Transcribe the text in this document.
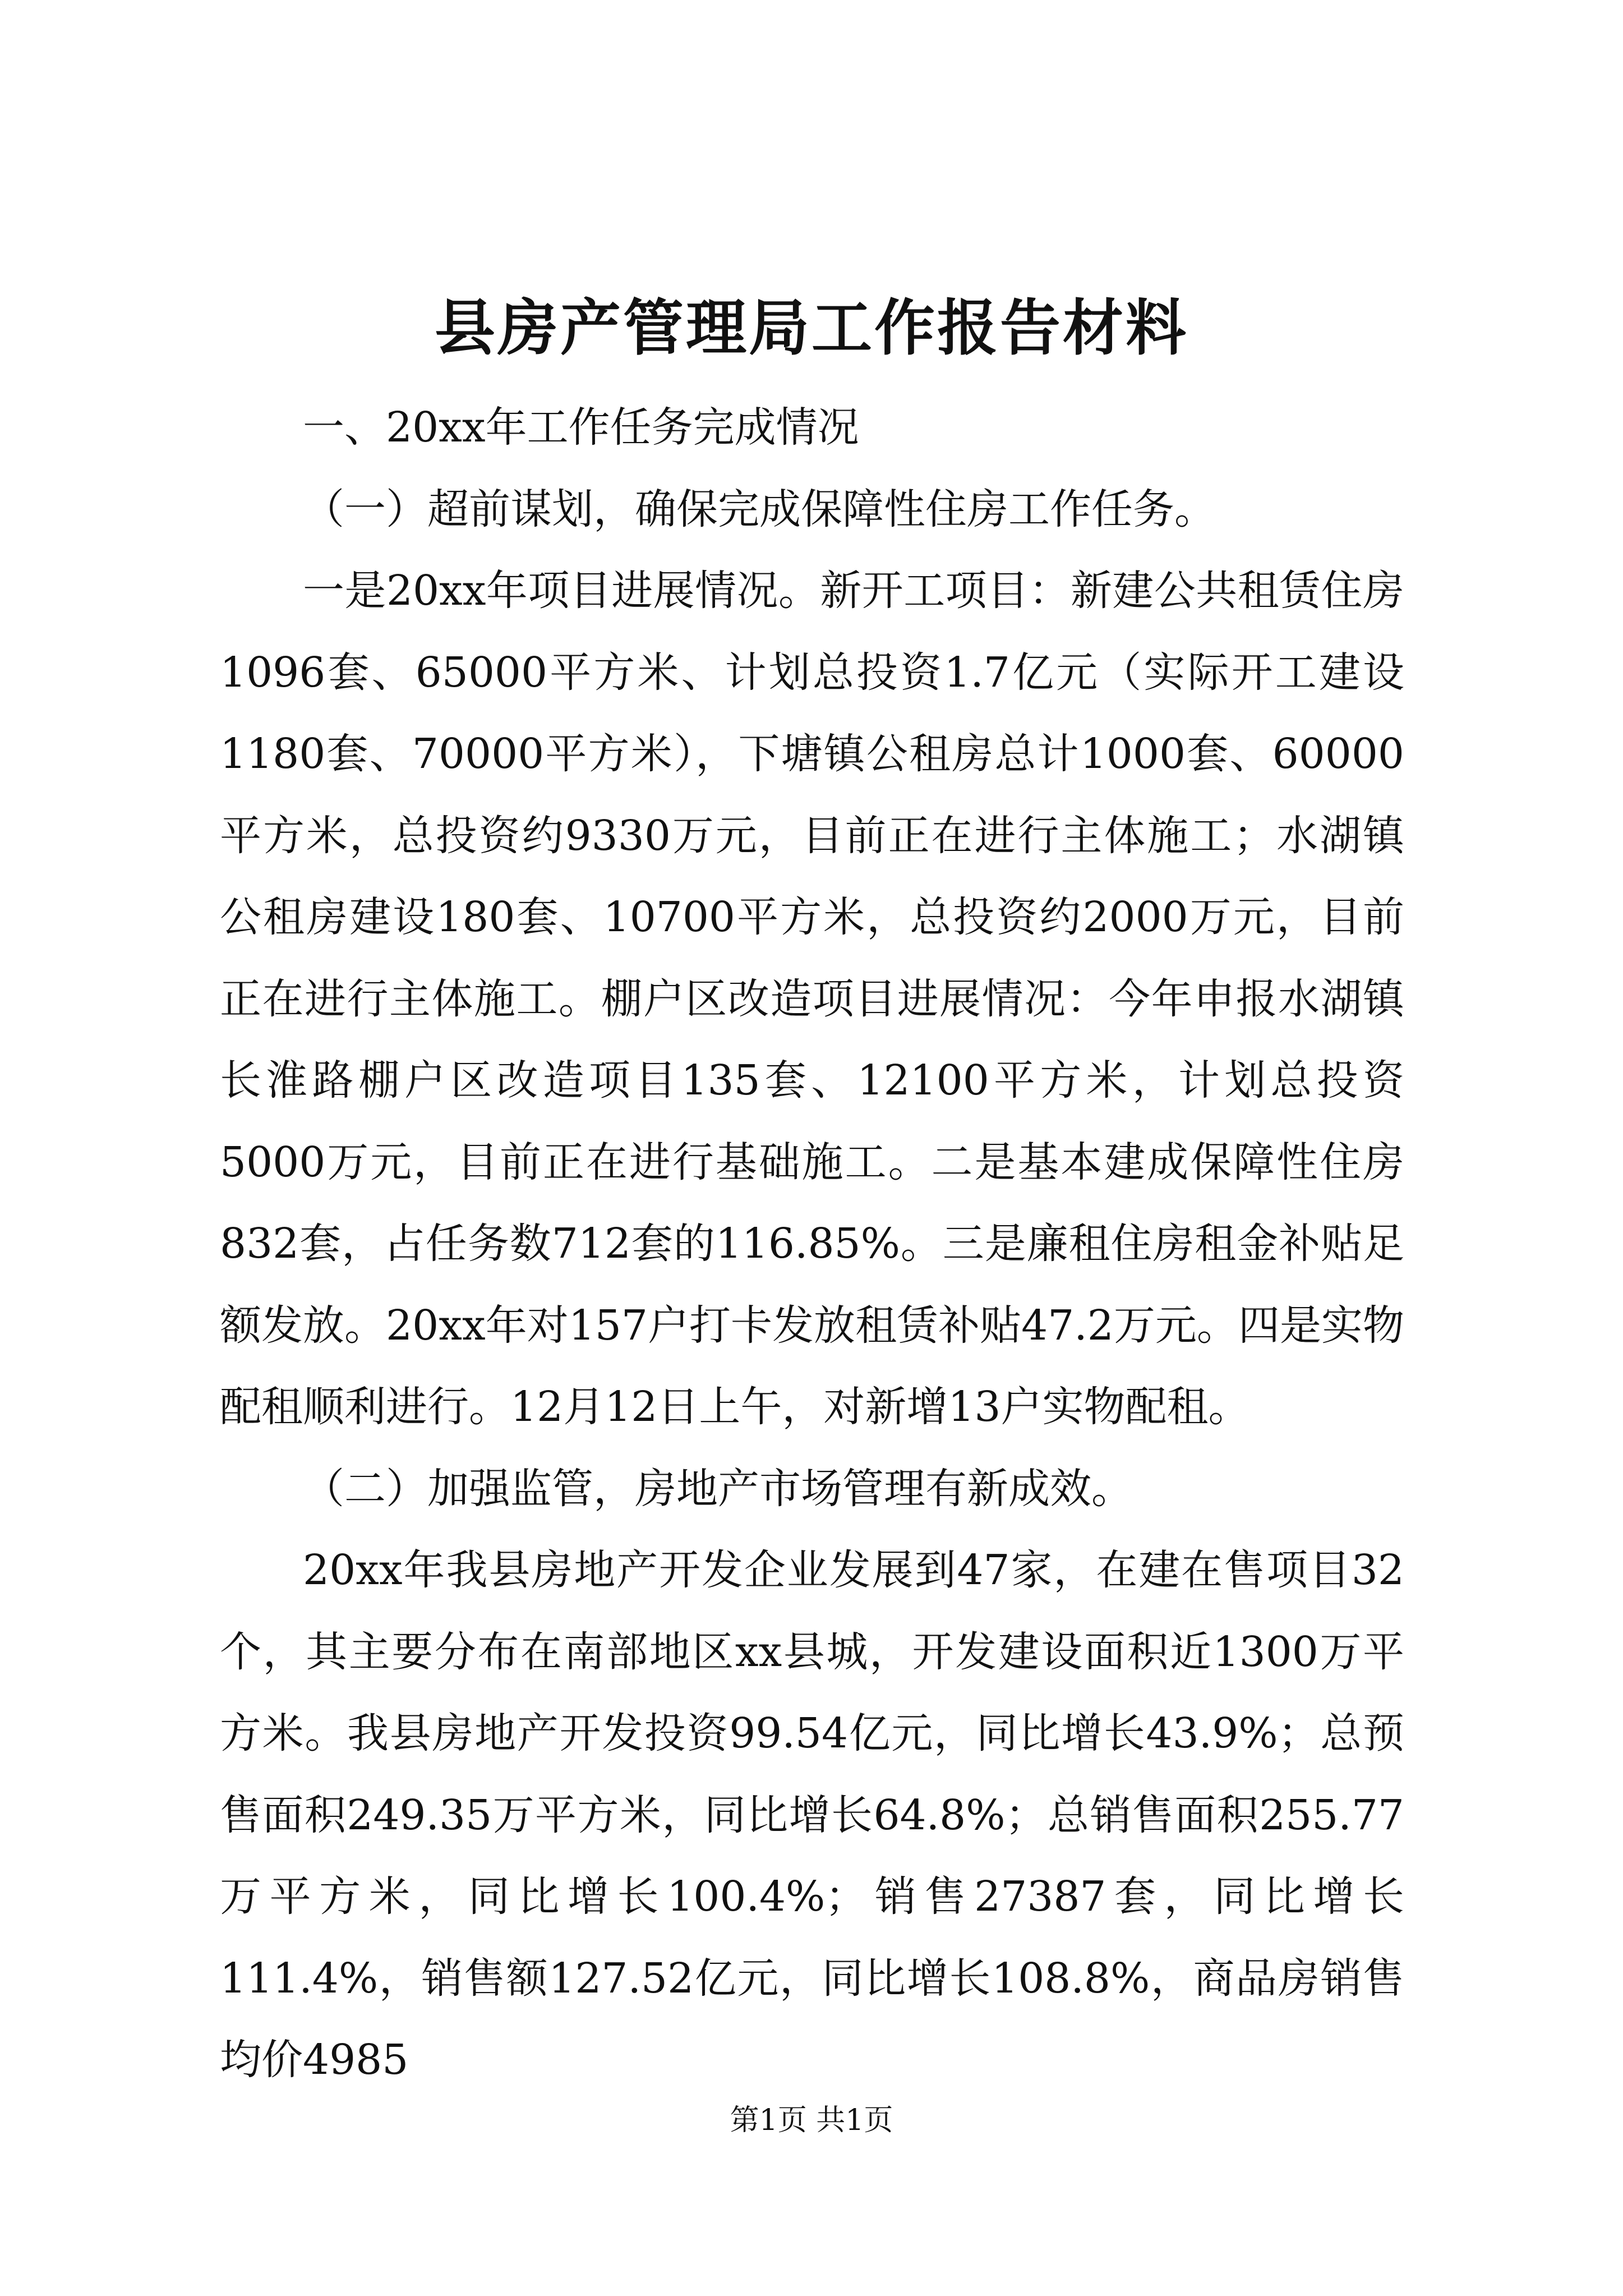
县房产管理局工作报告材料

一、20xx年工作任务完成情况

（一）超前谋划，确保完成保障性住房工作任务。

一是20xx年项目进展情况。新开工项目：新建公共租赁住房1096套、65000平方米、计划总投资1.7亿元（实际开工建设1180套、70000平方米），下塘镇公租房总计1000套、60000平方米，总投资约9330万元，目前正在进行主体施工；水湖镇公租房建设180套、10700平方米，总投资约2000万元，目前正在进行主体施工。棚户区改造项目进展情况：今年申报水湖镇长淮路棚户区改造项目135套、12100平方米，计划总投资5000万元，目前正在进行基础施工。二是基本建成保障性住房832套，占任务数712套的116.85%。三是廉租住房租金补贴足额发放。20xx年对157户打卡发放租赁补贴47.2万元。四是实物配租顺利进行。12月12日上午，对新增13户实物配租。

（二）加强监管，房地产市场管理有新成效。

20xx年我县房地产开发企业发展到47家，在建在售项目32个，其主要分布在南部地区xx县城，开发建设面积近1300万平方米。我县房地产开发投资99.54亿元，同比增长43.9%；总预售面积249.35万平方米，同比增长64.8%；总销售面积255.77万平方米，同比增长100.4%；销售27387套，同比增长111.4%，销售额127.52亿元，同比增长108.8%，商品房销售均价4985

第1页 共1页
